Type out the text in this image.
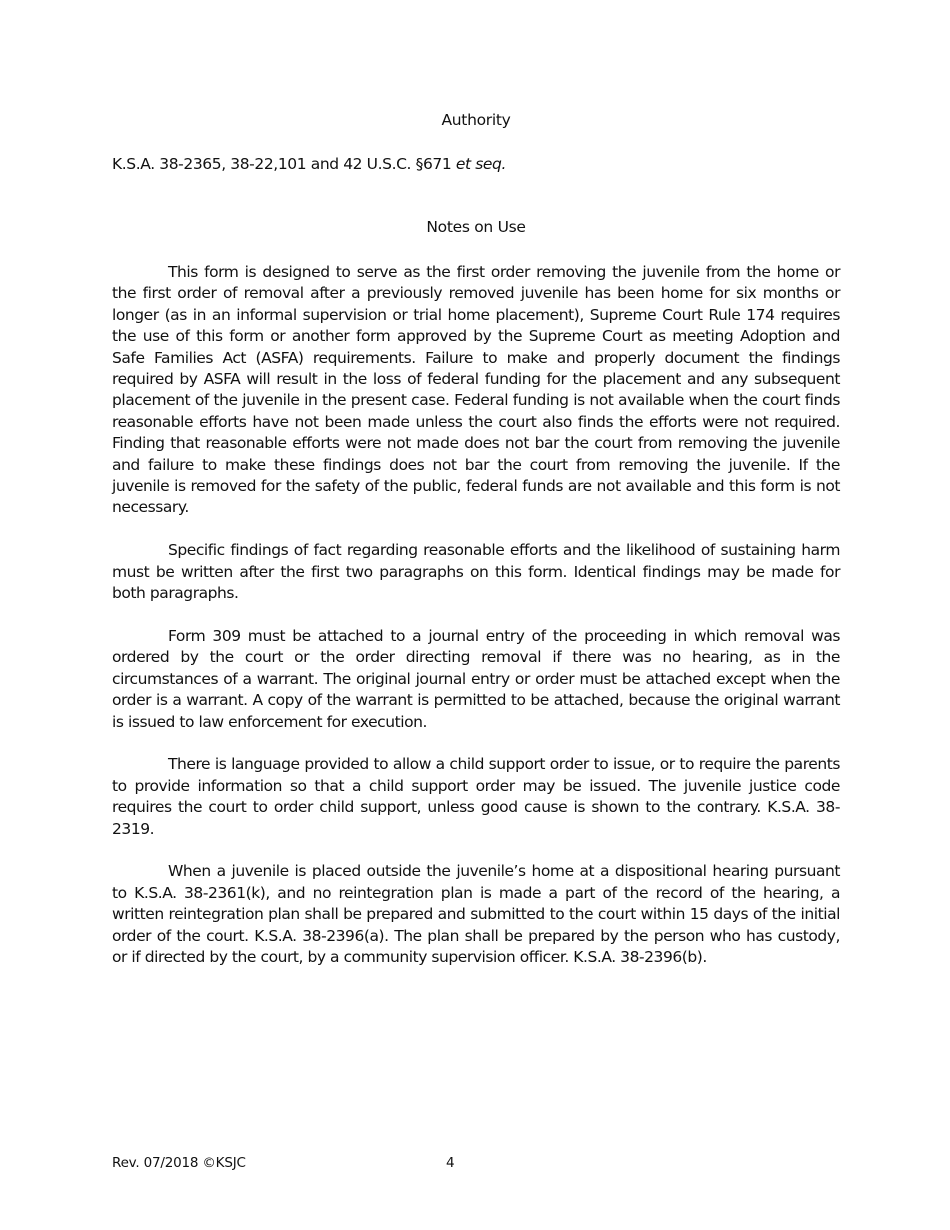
Authority

K.S.A. 38-2365, 38-22,101 and 42 U.S.C. §671 et seq.

Notes on Use

This form is designed to serve as the first order removing the juvenile from the home or the first order of removal after a previously removed juvenile has been home for six months or longer (as in an informal supervision or trial home placement), Supreme Court Rule 174 requires the use of this form or another form approved by the Supreme Court as meeting Adoption and Safe Families Act (ASFA) requirements. Failure to make and properly document the findings required by ASFA will result in the loss of federal funding for the placement and any subsequent placement of the juvenile in the present case. Federal funding is not available when the court finds reasonable efforts have not been made unless the court also finds the efforts were not required. Finding that reasonable efforts were not made does not bar the court from removing the juvenile and failure to make these findings does not bar the court from removing the juvenile. If the juvenile is removed for the safety of the public, federal funds are not available and this form is not necessary.

Specific findings of fact regarding reasonable efforts and the likelihood of sustaining harm must be written after the first two paragraphs on this form. Identical findings may be made for both paragraphs.

Form 309 must be attached to a journal entry of the proceeding in which removal was ordered by the court or the order directing removal if there was no hearing, as in the circumstances of a warrant. The original journal entry or order must be attached except when the order is a warrant. A copy of the warrant is permitted to be attached, because the original warrant is issued to law enforcement for execution.

There is language provided to allow a child support order to issue, or to require the parents to provide information so that a child support order may be issued. The juvenile justice code requires the court to order child support, unless good cause is shown to the contrary. K.S.A. 38-2319.

When a juvenile is placed outside the juvenile’s home at a dispositional hearing pursuant to K.S.A. 38-2361(k), and no reintegration plan is made a part of the record of the hearing, a written reintegration plan shall be prepared and submitted to the court within 15 days of the initial order of the court. K.S.A. 38-2396(a). The plan shall be prepared by the person who has custody, or if directed by the court, by a community supervision officer. K.S.A. 38-2396(b).

Rev. 07/2018 ©KSJC	4
